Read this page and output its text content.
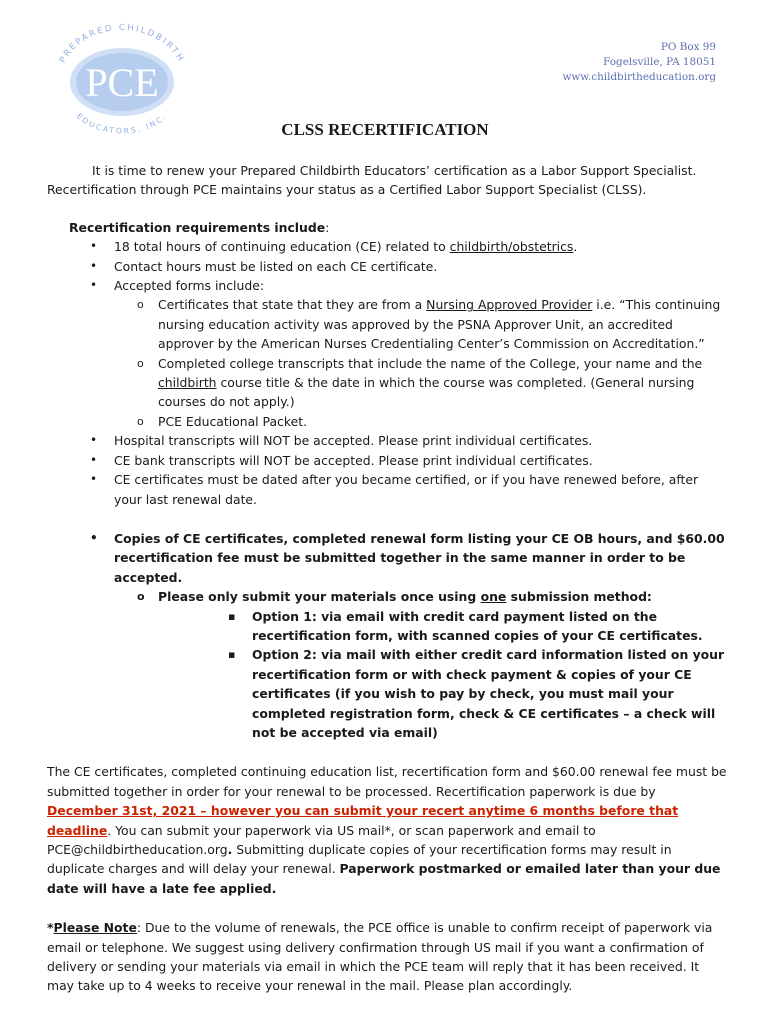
PCE
PREPARED CHILDBIRTH
EDUCATORS, INC.
PO Box 99
Fogelsville, PA 18051
www.childbirtheducation.org
CLSS RECERTIFICATION

It is time to renew your Prepared Childbirth Educators’ certification as a Labor Support Specialist. Recertification through PCE maintains your status as a Certified Labor Support Specialist (CLSS).

Recertification requirements include:

• 18 total hours of continuing education (CE) related to childbirth/obstetrics.
• Contact hours must be listed on each CE certificate.
• Accepted forms include:
o Certificates that state that they are from a Nursing Approved Provider i.e. “This continuing nursing education activity was approved by the PSNA Approver Unit, an accredited approver by the American Nurses Credentialing Center’s Commission on Accreditation.”
o Completed college transcripts that include the name of the College, your name and the childbirth course title & the date in which the course was completed. (General nursing courses do not apply.)
o PCE Educational Packet.
• Hospital transcripts will NOT be accepted. Please print individual certificates.
• CE bank transcripts will NOT be accepted. Please print individual certificates.
• CE certificates must be dated after you became certified, or if you have renewed before, after your last renewal date.
• Copies of CE certificates, completed renewal form listing your CE OB hours, and $60.00 recertification fee must be submitted together in the same manner in order to be accepted.
o Please only submit your materials once using one submission method:
▪ Option 1: via email with credit card payment listed on the recertification form, with scanned copies of your CE certificates.
▪ Option 2: via mail with either credit card information listed on your recertification form or with check payment & copies of your CE certificates (if you wish to pay by check, you must mail your completed registration form, check & CE certificates – a check will not be accepted via email)

The CE certificates, completed continuing education list, recertification form and $60.00 renewal fee must be submitted together in order for your renewal to be processed. Recertification paperwork is due by December 31st, 2021 – however you can submit your recert anytime 6 months before that deadline. You can submit your paperwork via US mail*, or scan paperwork and email to PCE@childbirtheducation.org. Submitting duplicate copies of your recertification forms may result in duplicate charges and will delay your renewal. Paperwork postmarked or emailed later than your due date will have a late fee applied.

*Please Note: Due to the volume of renewals, the PCE office is unable to confirm receipt of paperwork via email or telephone. We suggest using delivery confirmation through US mail if you want a confirmation of delivery or sending your materials via email in which the PCE team will reply that it has been received. It may take up to 4 weeks to receive your renewal in the mail. Please plan accordingly.
